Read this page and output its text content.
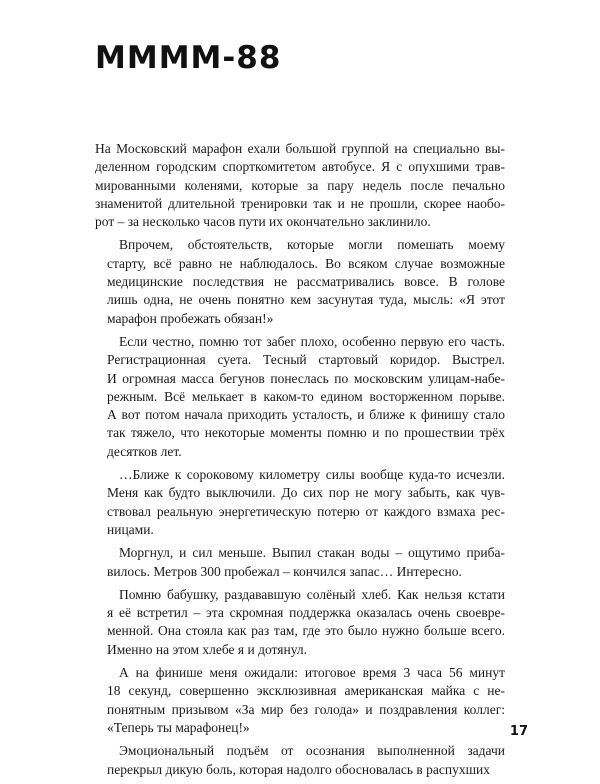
ММММ-88

На Московский марафон ехали большой группой на специально вы-
деленном городским спорткомитетом автобусе. Я с опухшими трав-
мированными коленями, которые за пару недель после печально
знаменитой длительной тренировки так и не прошли, скорее наобо-
рот – за несколько часов пути их окончательно заклинило.

Впрочем, обстоятельств, которые могли помешать моему
старту, всё равно не наблюдалось. Во всяком случае возможные
медицинские последствия не рассматривались вовсе. В голове
лишь одна, не очень понятно кем засунутая туда, мысль: «Я этот
марафон пробежать обязан!»

Если честно, помню тот забег плохо, особенно первую его часть.
Регистрационная суета. Тесный стартовый коридор. Выстрел.
И огромная масса бегунов понеслась по московским улицам-набе-
режным. Всё мелькает в каком-то едином восторженном порыве.
А вот потом начала приходить усталость, и ближе к финишу стало
так тяжело, что некоторые моменты помню и по прошествии трёх
десятков лет.

…Ближе к сороковому километру силы вообще куда-то исчезли.
Меня как будто выключили. До сих пор не могу забыть, как чув-
ствовал реальную энергетическую потерю от каждого взмаха рес-
ницами.

Моргнул, и сил меньше. Выпил стакан воды – ощутимо приба-
вилось. Метров 300 пробежал – кончился запас… Интересно.

Помню бабушку, раздававшую солёный хлеб. Как нельзя кстати
я её встретил – эта скромная поддержка оказалась очень своевре-
менной. Она стояла как раз там, где это было нужно больше всего.
Именно на этом хлебе я и дотянул.

А на финише меня ожидали: итоговое время 3 часа 56 минут
18 секунд, совершенно эксклюзивная американская майка с не-
понятным призывом «За мир без голода» и поздравления коллег:
«Теперь ты марафонец!»

Эмоциональный подъём от осознания выполненной задачи
перекрыл дикую боль, которая надолго обосновалась в распухших

17
